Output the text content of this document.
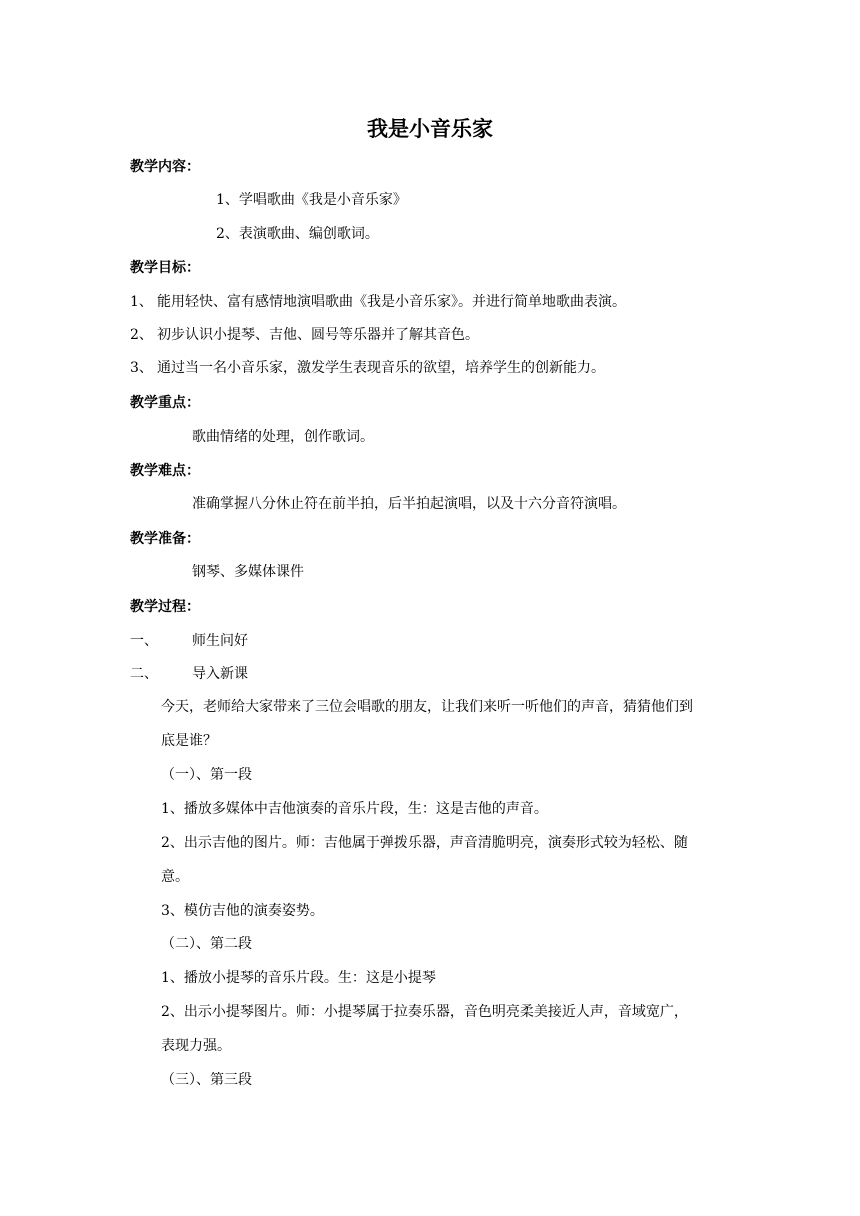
我是小音乐家
教学内容：
1、学唱歌曲《我是小音乐家》
2、表演歌曲、编创歌词。
教学目标：
1、 能用轻快、富有感情地演唱歌曲《我是小音乐家》。并进行简单地歌曲表演。
2、 初步认识小提琴、吉他、圆号等乐器并了解其音色。
3、 通过当一名小音乐家，激发学生表现音乐的欲望，培养学生的创新能力。
教学重点：
歌曲情绪的处理，创作歌词。
教学难点：
准确掌握八分休止符在前半拍，后半拍起演唱，以及十六分音符演唱。
教学准备：
钢琴、多媒体课件
教学过程：
一、 师生问好
二、 导入新课
今天，老师给大家带来了三位会唱歌的朋友，让我们来听一听他们的声音，猜猜他们到
底是谁？
（一）、第一段
1、播放多媒体中吉他演奏的音乐片段，生：这是吉他的声音。
2、出示吉他的图片。师：吉他属于弹拨乐器，声音清脆明亮，演奏形式较为轻松、随
意。
3、模仿吉他的演奏姿势。
（二）、第二段
1、播放小提琴的音乐片段。生：这是小提琴
2、出示小提琴图片。师：小提琴属于拉奏乐器，音色明亮柔美接近人声，音域宽广，
表现力强。
（三）、第三段
